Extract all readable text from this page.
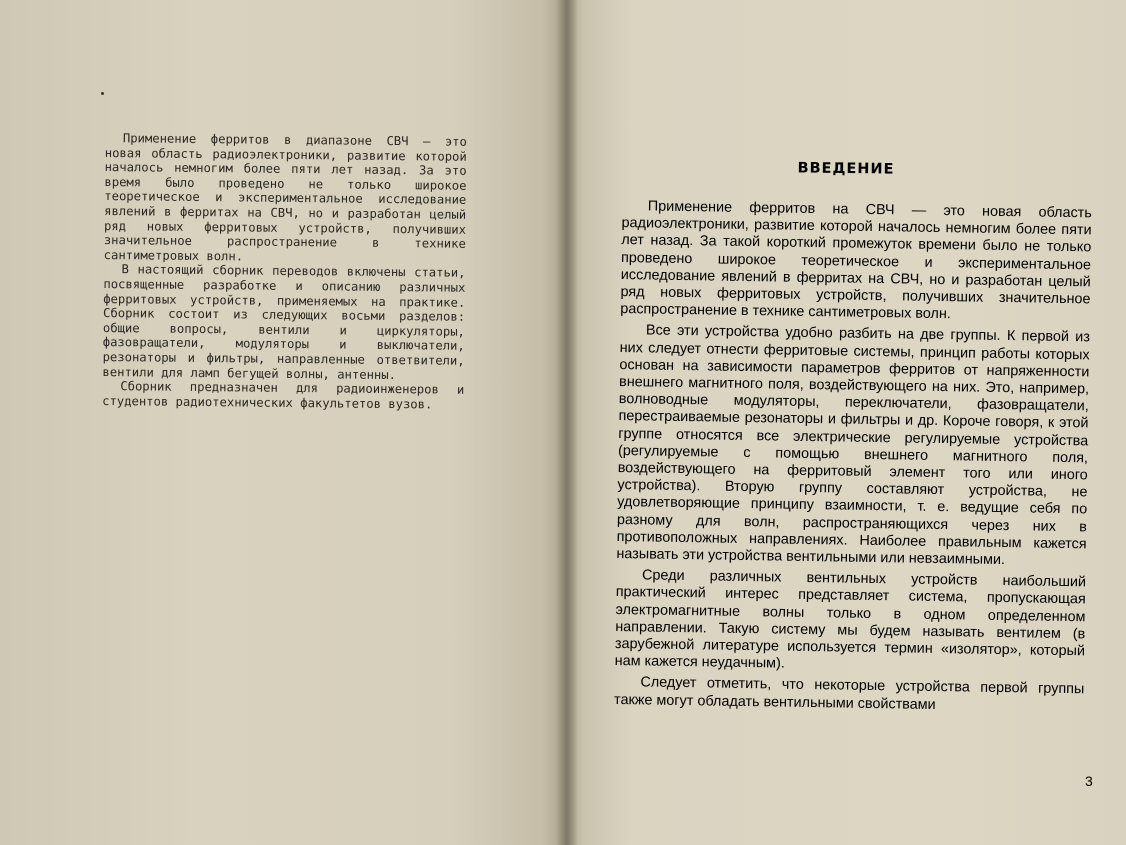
Применение ферритов в диапазоне СВЧ — это новая область радиоэлектроники, развитие которой началось немногим более пяти лет назад. За это время было проведено не только широкое теоретическое и экспериментальное исследование явлений в ферритах на СВЧ, но и разработан целый ряд новых ферритовых устройств, получивших значительное распространение в технике сантиметровых волн.

В настоящий сборник переводов включены статьи, посвященные разработке и описанию различных ферритовых устройств, применяемых на практике. Сборник состоит из следующих восьми разделов: общие вопросы, вентили и циркуляторы, фазовращатели, модуляторы и выключатели, резонаторы и фильтры, направленные ответвители, вентили для ламп бегущей волны, антенны.

Сборник предназначен для радиоинженеров и студентов радиотехнических факультетов вузов.

ВВЕДЕНИЕ

Применение ферритов на СВЧ — это новая область радиоэлектроники, развитие которой началось немногим более пяти лет назад. За такой короткий промежуток времени было не только проведено широкое теоретическое и экспериментальное исследование явлений в ферритах на СВЧ, но и разработан целый ряд новых ферритовых устройств, получивших значительное распространение в технике сантиметровых волн.

Все эти устройства удобно разбить на две группы. К первой из них следует отнести ферритовые системы, принцип работы которых основан на зависимости параметров ферритов от напряженности внешнего магнитного поля, воздействующего на них. Это, например, волноводные модуляторы, переключатели, фазовращатели, перестраиваемые резонаторы и фильтры и др. Короче говоря, к этой группе относятся все электрические регулируемые устройства (регулируемые с помощью внешнего магнитного поля, воздействующего на ферритовый элемент того или иного устройства). Вторую группу составляют устройства, не удовлетворяющие принципу взаимности, т. е. ведущие себя по разному для волн, распространяющихся через них в противоположных направлениях. Наиболее правильным кажется называть эти устройства вентильными или невзаимными.

Среди различных вентильных устройств наибольший практический интерес представляет система, пропускающая электромагнитные волны только в одном определенном направлении. Такую систему мы будем называть вентилем (в зарубежной литературе используется термин «изолятор», который нам кажется неудачным).

Следует отметить, что некоторые устройства первой группы также могут обладать вентильными свойствами

3
